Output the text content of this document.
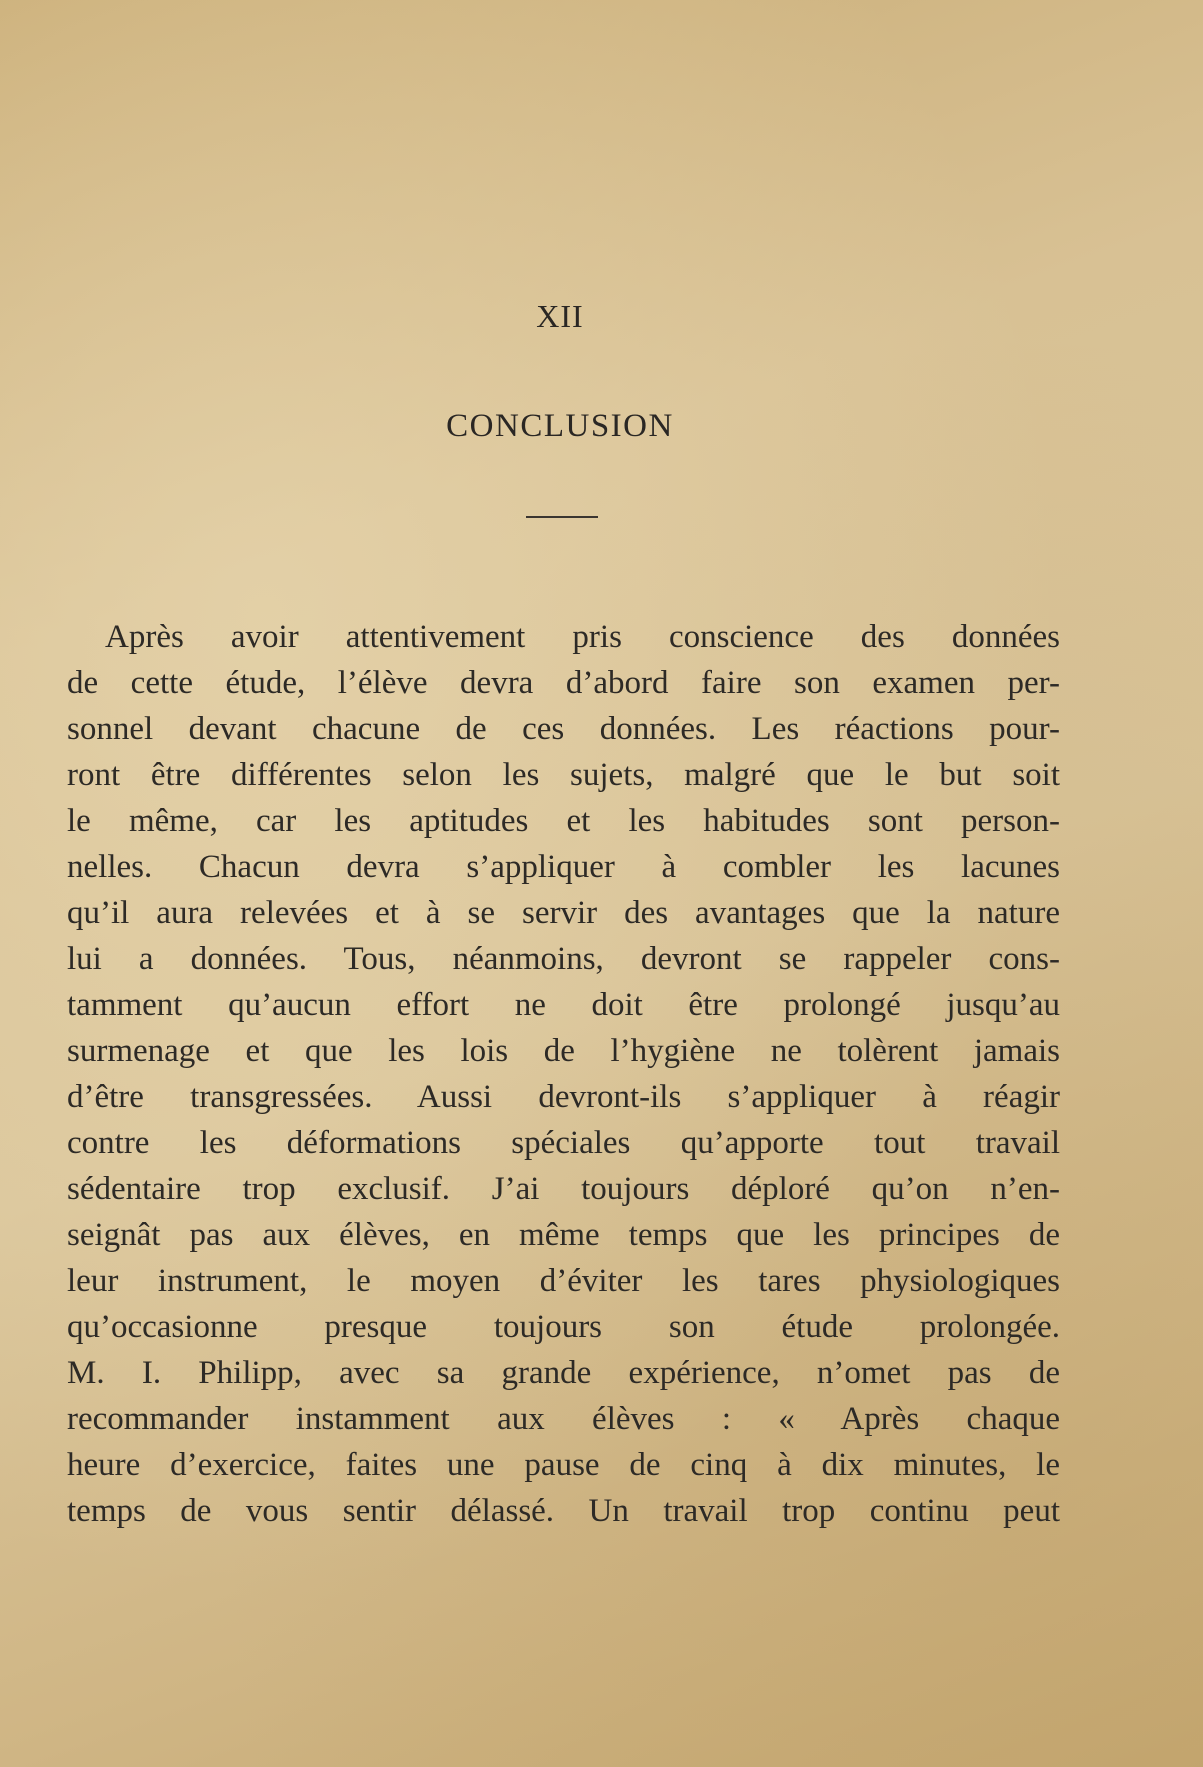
XII
CONCLUSION
Après avoir attentivement pris conscience des données
de cette étude, l’élève devra d’abord faire son examen per-
sonnel devant chacune de ces données. Les réactions pour-
ront être différentes selon les sujets, malgré que le but soit
le même, car les aptitudes et les habitudes sont person-
nelles. Chacun devra s’appliquer à combler les lacunes
qu’il aura relevées et à se servir des avantages que la nature
lui a données. Tous, néanmoins, devront se rappeler cons-
tamment qu’aucun effort ne doit être prolongé jusqu’au
surmenage et que les lois de l’hygiène ne tolèrent jamais
d’être transgressées. Aussi devront-ils s’appliquer à réagir
contre les déformations spéciales qu’apporte tout travail
sédentaire trop exclusif. J’ai toujours déploré qu’on n’en-
seignât pas aux élèves, en même temps que les principes de
leur instrument, le moyen d’éviter les tares physiologiques
qu’occasionne presque toujours son étude prolongée.
M. I. Philipp, avec sa grande expérience, n’omet pas de
recommander instamment aux élèves : « Après chaque
heure d’exercice, faites une pause de cinq à dix minutes, le
temps de vous sentir délassé. Un travail trop continu peut
